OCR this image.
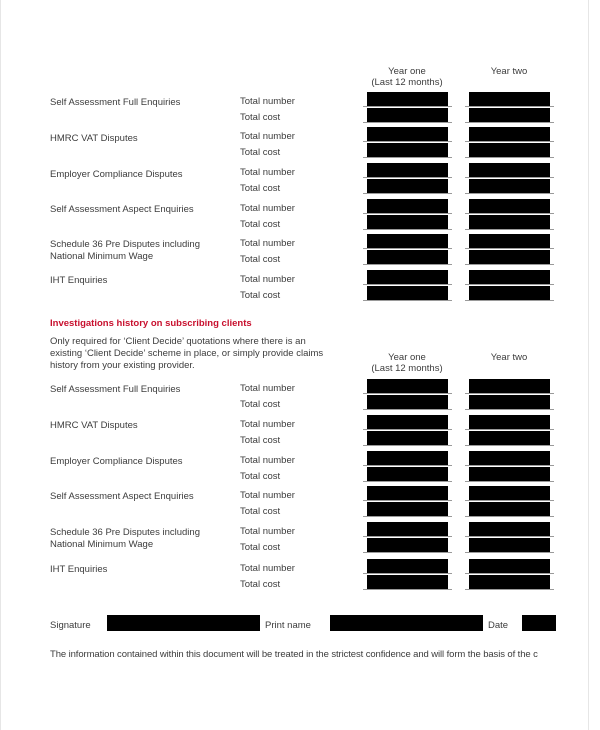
Year one
(Last 12 months)
Year two
Self Assessment Full Enquiries	Total number
Total cost
HMRC VAT Disputes	Total number
Total cost
Employer Compliance Disputes	Total number
Total cost
Self Assessment Aspect Enquiries	Total number
Total cost
Schedule 36 Pre Disputes including
National Minimum Wage
Total number
Total cost
IHT Enquiries	Total number
Total cost
Investigations history on subscribing clients
Only required for ‘Client Decide’ quotations where there is an
existing ‘Client Decide’ scheme in place, or simply provide claims
history from your existing provider.
Year one
(Last 12 months)
Year two
Self Assessment Full Enquiries	Total number
Total cost
HMRC VAT Disputes	Total number
Total cost
Employer Compliance Disputes	Total number
Total cost
Self Assessment Aspect Enquiries	Total number
Total cost
Schedule 36 Pre Disputes including
National Minimum Wage
Total number
Total cost
IHT Enquiries	Total number
Total cost
Signature	Print name	Date
The information contained within this document will be treated in the strictest confidence and will form the basis of the c
